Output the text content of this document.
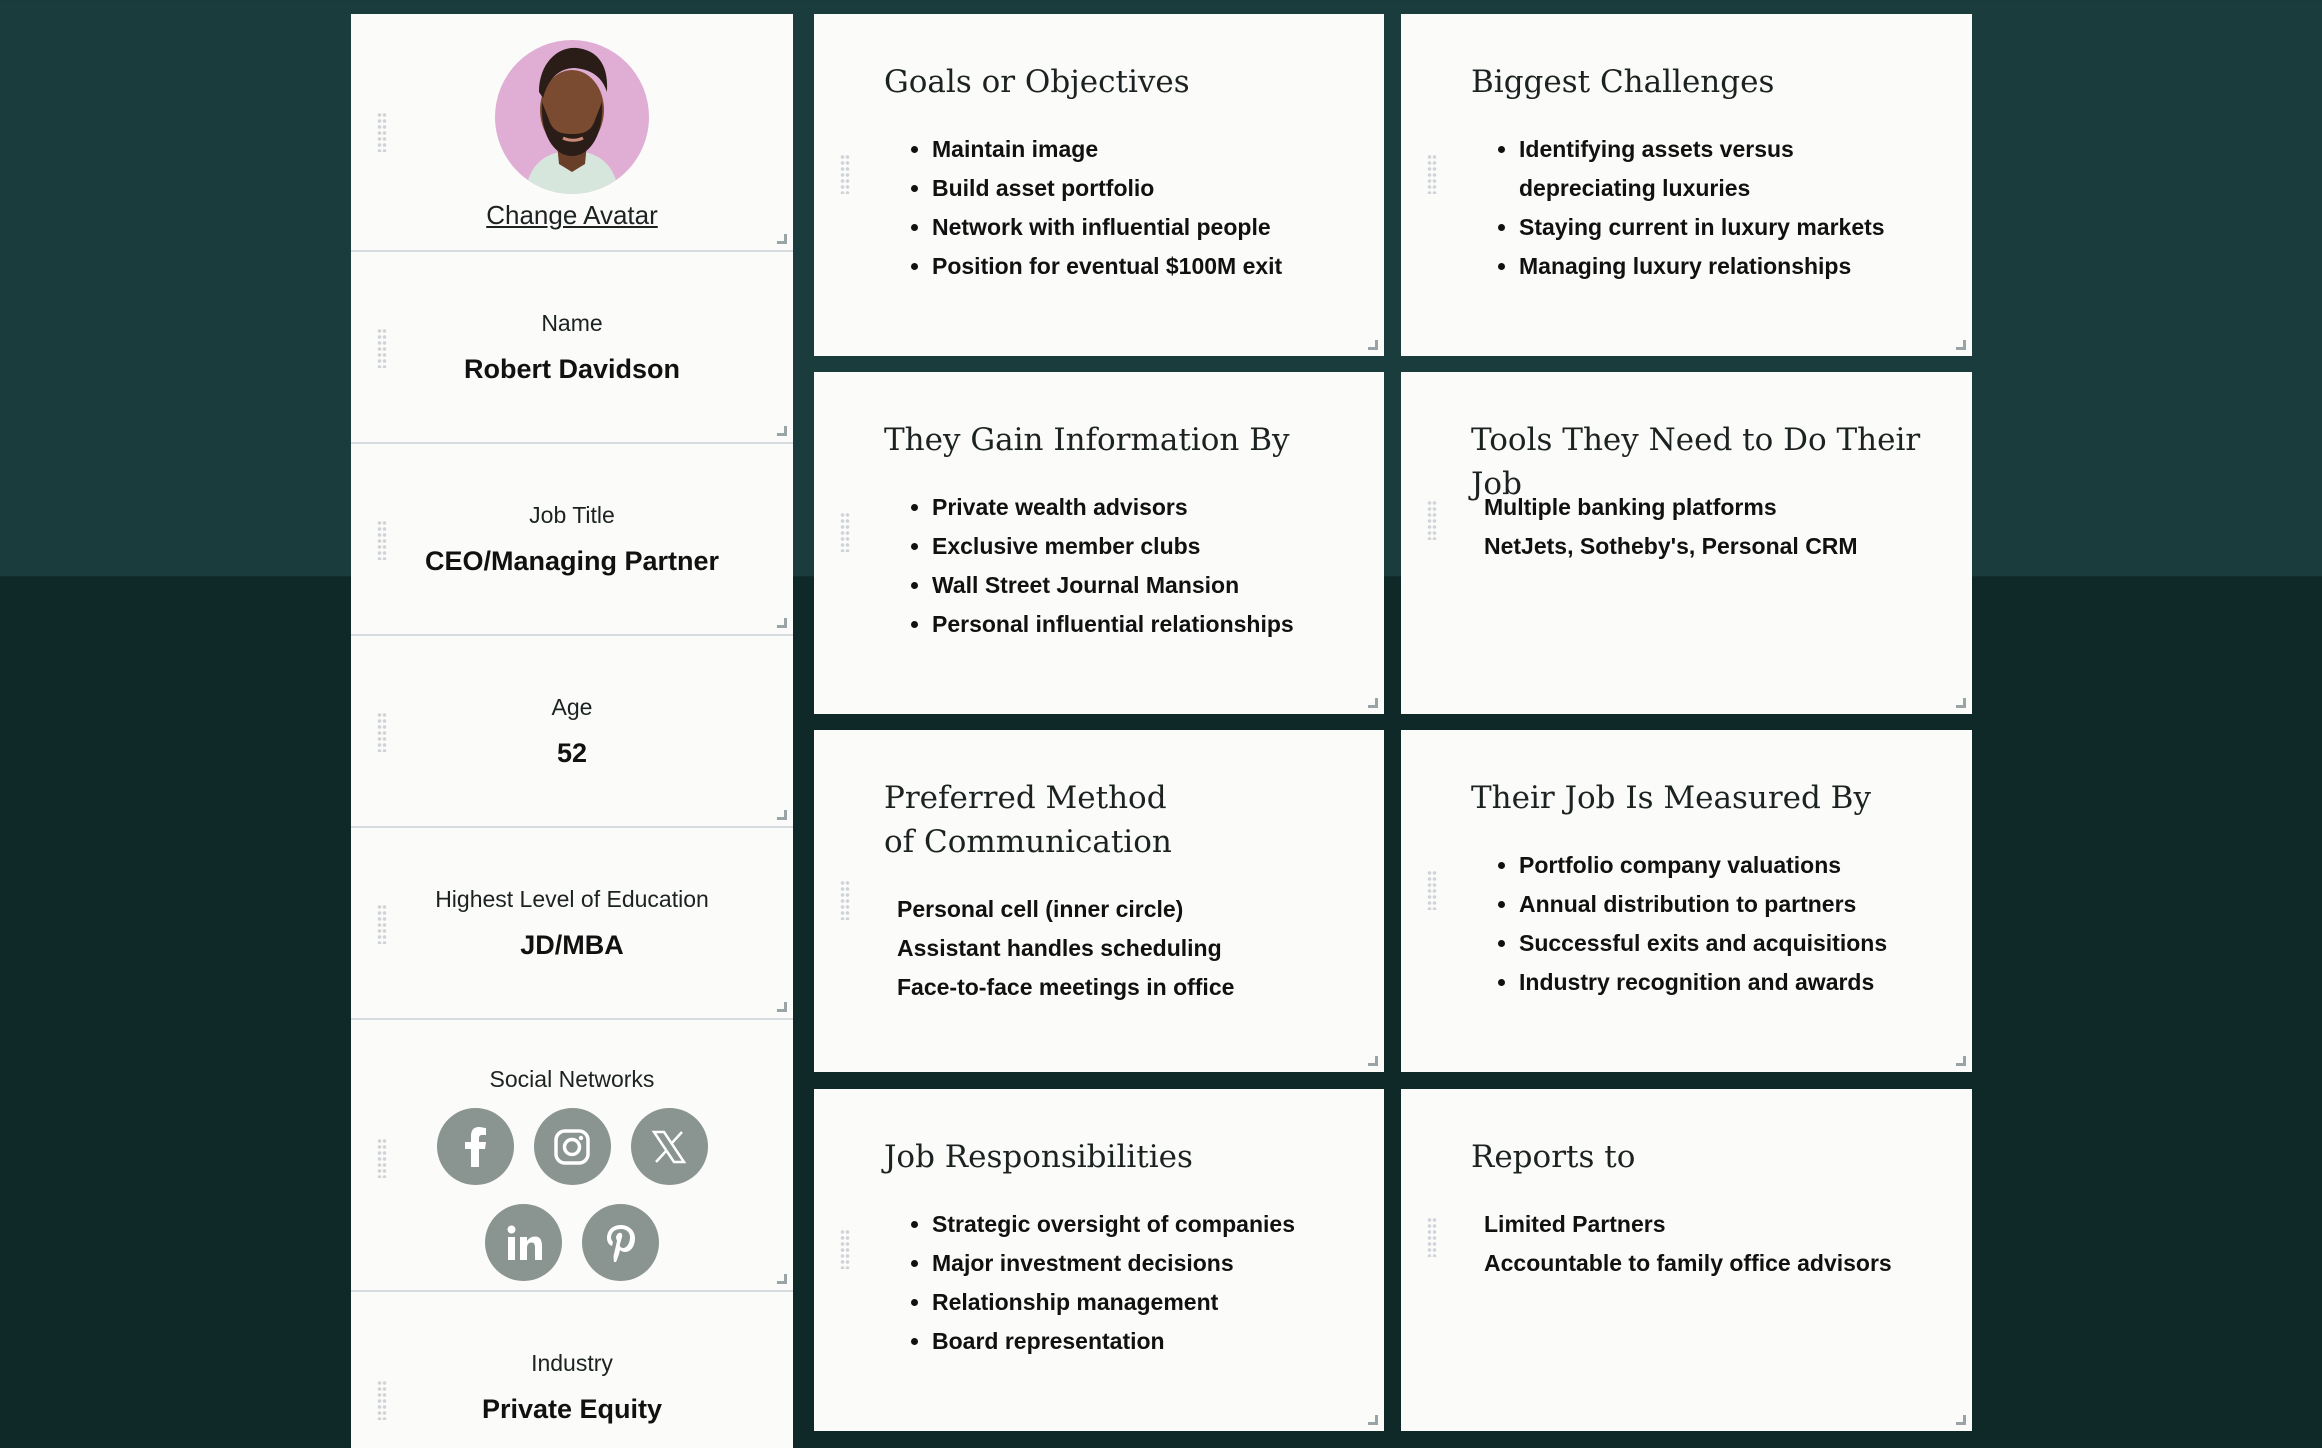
Change Avatar
Name
Robert Davidson
Job Title
CEO/Managing Partner
Age
52
Highest Level of Education
JD/MBA
Social Networks
Industry
Private Equity
Goals or Objectives
• Maintain image
• Build asset portfolio
• Network with influential people
• Position for eventual $100M exit
Biggest Challenges
• Identifying assets versus depreciating luxuries
• Staying current in luxury markets
• Managing luxury relationships
They Gain Information By
• Private wealth advisors
• Exclusive member clubs
• Wall Street Journal Mansion
• Personal influential relationships
Tools They Need to Do Their Job
Multiple banking platforms
NetJets, Sotheby's, Personal CRM
Preferred Method of Communication
Personal cell (inner circle)
Assistant handles scheduling
Face-to-face meetings in office
Their Job Is Measured By
• Portfolio company valuations
• Annual distribution to partners
• Successful exits and acquisitions
• Industry recognition and awards
Job Responsibilities
• Strategic oversight of companies
• Major investment decisions
• Relationship management
• Board representation
Reports to
Limited Partners
Accountable to family office advisors
